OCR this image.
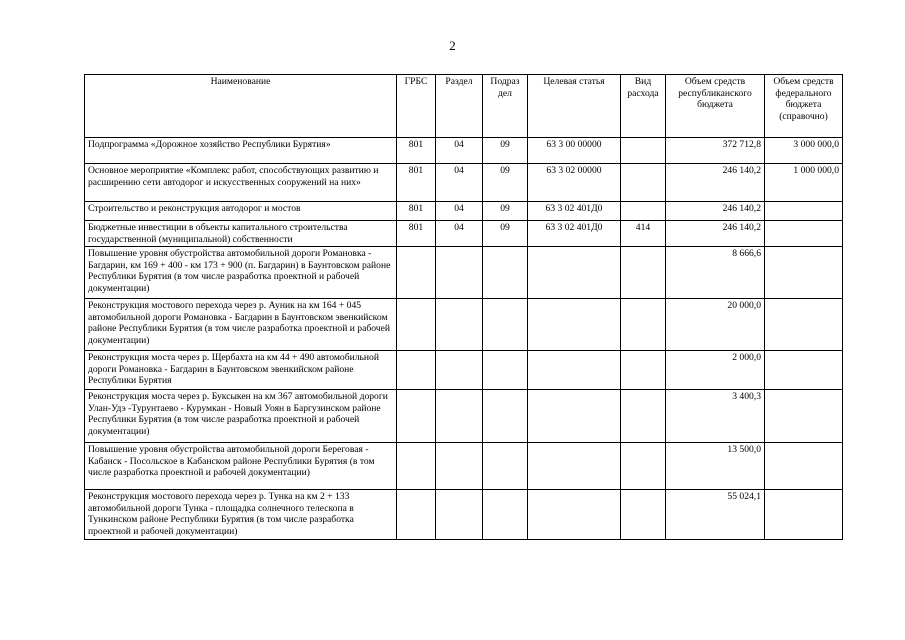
2
Наименование	ГРБС	Раздел	Подраз дел	Целевая статья	Вид расхода	Объем средств республиканского бюджета	Объем средств федерального бюджета (справочно)
Подпрограмма «Дорожное хозяйство Республики Бурятия»	801	04	09	63 3 00 00000		372 712,8	3 000 000,0
Основное мероприятие «Комплекс работ, способствующих развитию и расширению сети автодорог и искусственных сооружений на них»	801	04	09	63 3 02 00000		246 140,2	1 000 000,0
Строительство и реконструкция автодорог и мостов	801	04	09	63 3 02 401Д0		246 140,2	
Бюджетные инвестиции в объекты капитального строительства государственной (муниципальной) собственности	801	04	09	63 3 02 401Д0	414	246 140,2	
Повышение уровня обустройства автомобильной дороги Романовка - Багдарин, км 169 + 400 - км 173 + 900 (п. Багдарин) в Баунтовском районе Республики Бурятия (в том числе разработка проектной и рабочей документации)						8 666,6	
Реконструкция мостового перехода через р. Ауник на км 164 + 045 автомобильной дороги Романовка - Багдарин в Баунтовском эвенкийском районе Республики Бурятия (в том числе разработка проектной и рабочей документации)						20 000,0	
Реконструкция моста через р. Щербахта на км 44 + 490 автомобильной дороги Романовка - Багдарин в Баунтовском эвенкийском районе Республики Бурятия						2 000,0	
Реконструкция моста через р. Буксыкен на км 367 автомобильной дороги Улан-Удэ -Турунтаево - Курумкан - Новый Уоян в Баргузинском районе Республики Бурятия (в том числе разработка проектной и рабочей документации)						3 400,3	
Повышение уровня обустройства автомобильной дороги Береговая - Кабанск - Посольское в Кабанском районе Республики Бурятия (в том числе разработка проектной и рабочей документации)						13 500,0	
Реконструкция мостового перехода через р. Тунка на км 2 + 133 автомобильной дороги Тунка - площадка солнечного телескопа в Тункинском районе Республики Бурятия (в том числе разработка проектной и рабочей документации)						55 024,1	
